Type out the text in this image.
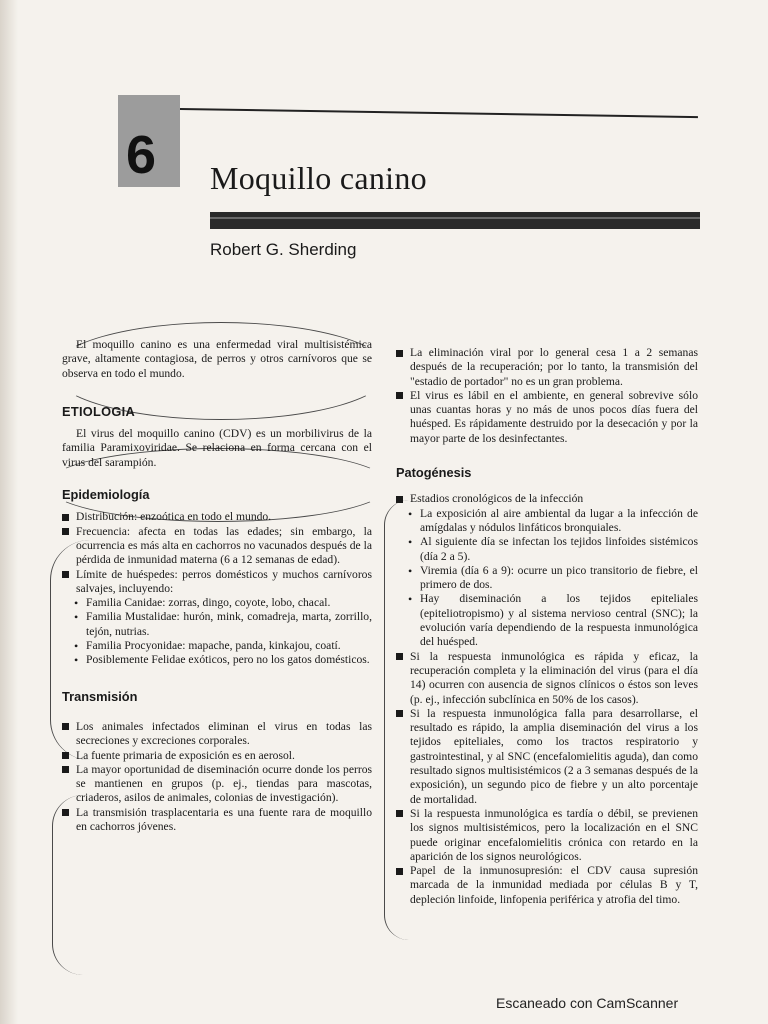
6 Moquillo canino
Robert G. Sherding

El moquillo canino es una enfermedad viral multisistémica grave, altamente contagiosa, de perros y otros carnívoros que se observa en todo el mundo.

ETIOLOGIA

El virus del moquillo canino (CDV) es un morbilivirus de la familia Paramixoviridae. Se relaciona en forma cercana con el virus del sarampión.

Epidemiología
Distribución: enzoótica en todo el mundo.
Frecuencia: afecta en todas las edades; sin embargo, la ocurrencia es más alta en cachorros no vacunados después de la pérdida de inmunidad materna (6 a 12 semanas de edad).
Límite de huéspedes: perros domésticos y muchos carnívoros salvajes, incluyendo:
• Familia Canidae: zorras, dingo, coyote, lobo, chacal.
• Familia Mustalidae: hurón, mink, comadreja, marta, zorrillo, tejón, nutrias.
• Familia Procyonidae: mapache, panda, kinkajou, coatí.
• Posiblemente Felidae exóticos, pero no los gatos domésticos.
Transmisión
Los animales infectados eliminan el virus en todas las secreciones y excreciones corporales.
La fuente primaria de exposición es en aerosol.
La mayor oportunidad de diseminación ocurre donde los perros se mantienen en grupos (p. ej., tiendas para mascotas, criaderos, asilos de animales, colonias de investigación).
La transmisión trasplacentaria es una fuente rara de moquillo en cachorros jóvenes.
La eliminación viral por lo general cesa 1 a 2 semanas después de la recuperación; por lo tanto, la transmisión del "estadio de portador" no es un gran problema.
El virus es lábil en el ambiente, en general sobrevive sólo unas cuantas horas y no más de unos pocos días fuera del huésped. Es rápidamente destruido por la desecación y por la mayor parte de los desinfectantes.
Patogénesis
Estadios cronológicos de la infección
• La exposición al aire ambiental da lugar a la infección de amígdalas y nódulos linfáticos bronquiales.
• Al siguiente día se infectan los tejidos linfoides sistémicos (día 2 a 5).
• Viremia (día 6 a 9): ocurre un pico transitorio de fiebre, el primero de dos.
• Hay diseminación a los tejidos epiteliales (epiteliotropismo) y al sistema nervioso central (SNC); la evolución varía dependiendo de la respuesta inmunológica del huésped.
Si la respuesta inmunológica es rápida y eficaz, la recuperación completa y la eliminación del virus (para el día 14) ocurren con ausencia de signos clínicos o éstos son leves (p. ej., infección subclínica en 50% de los casos).
Si la respuesta inmunológica falla para desarrollarse, el resultado es rápido, la amplia diseminación del virus a los tejidos epiteliales, como los tractos respiratorio y gastrointestinal, y al SNC (encefalomielitis aguda), dan como resultado signos multisistémicos (2 a 3 semanas después de la exposición), un segundo pico de fiebre y un alto porcentaje de mortalidad.
Si la respuesta inmunológica es tardía o débil, se previenen los signos multisistémicos, pero la localización en el SNC puede originar encefalomielitis crónica con retardo en la aparición de los signos neurológicos.
Papel de la inmunosupresión: el CDV causa supresión marcada de la inmunidad mediada por células B y T, depleción linfoide, linfopenia periférica y atrofia del timo.
Escaneado con CamScanner
